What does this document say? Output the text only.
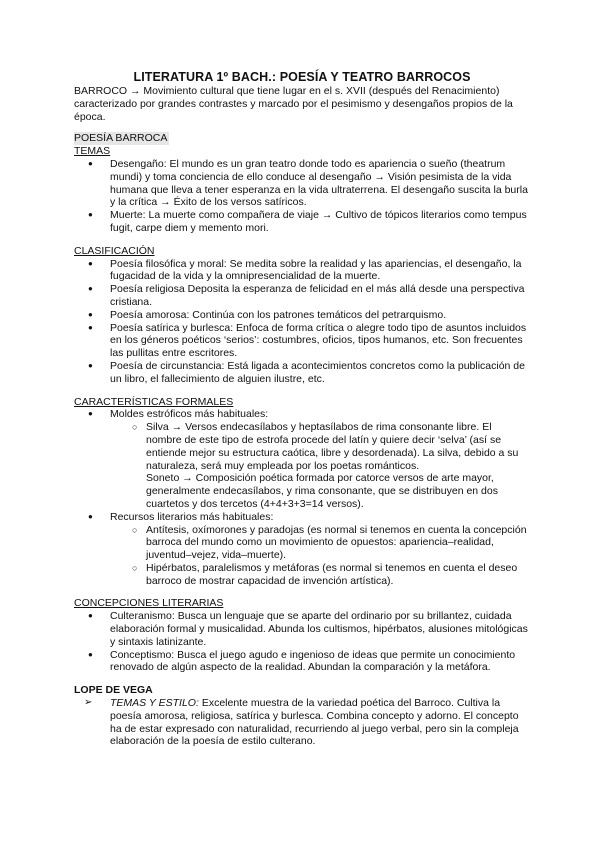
LITERATURA 1º BACH.: POESÍA Y TEATRO BARROCOS

BARROCO → Movimiento cultural que tiene lugar en el s. XVII (después del Renacimiento) caracterizado por grandes contrastes y marcado por el pesimismo y desengaños propios de la época.

POESÍA BARROCA
TEMAS
● Desengaño: El mundo es un gran teatro donde todo es apariencia o sueño (theatrum mundi) y toma conciencia de ello conduce al desengaño → Visión pesimista de la vida humana que lleva a tener esperanza en la vida ultraterrena. El desengaño suscita la burla y la crítica → Éxito de los versos satíricos.
● Muerte: La muerte como compañera de viaje → Cultivo de tópicos literarios como tempus fugit, carpe diem y memento mori.
CLASIFICACIÓN
● Poesía filosófica y moral: Se medita sobre la realidad y las apariencias, el desengaño, la fugacidad de la vida y la omnipresencialidad de la muerte.
● Poesía religiosa Deposita la esperanza de felicidad en el más allá desde una perspectiva cristiana.
● Poesía amorosa: Continúa con los patrones temáticos del petrarquismo.
● Poesía satírica y burlesca: Enfoca de forma crítica o alegre todo tipo de asuntos incluidos en los géneros poéticos ‘serios’: costumbres, oficios, tipos humanos, etc. Son frecuentes las pullitas entre escritores.
● Poesía de circunstancia: Está ligada a acontecimientos concretos como la publicación de un libro, el fallecimiento de alguien ilustre, etc.
CARACTERÍSTICAS FORMALES
● Moldes estróficos más habituales:
○ Silva → Versos endecasílabos y heptasílabos de rima consonante libre. El nombre de este tipo de estrofa procede del latín y quiere decir ‘selva’ (así se entiende mejor su estructura caótica, libre y desordenada). La silva, debido a su naturaleza, será muy empleada por los poetas románticos.
Soneto → Composición poética formada por catorce versos de arte mayor, generalmente endecasílabos, y rima consonante, que se distribuyen en dos cuartetos y dos tercetos (4+4+3+3=14 versos).
● Recursos literarios más habituales:
○ Antítesis, oxímorones y paradojas (es normal si tenemos en cuenta la concepción barroca del mundo como un movimiento de opuestos: apariencia–realidad, juventud–vejez, vida–muerte).
○ Hipérbatos, paralelismos y metáforas (es normal si tenemos en cuenta el deseo barroco de mostrar capacidad de invención artística).
CONCEPCIONES LITERARIAS
● Culteranismo: Busca un lenguaje que se aparte del ordinario por su brillantez, cuidada elaboración formal y musicalidad. Abunda los cultismos, hipérbatos, alusiones mitológicas y sintaxis latinizante.
● Conceptismo: Busca el juego agudo e ingenioso de ideas que permite un conocimiento renovado de algún aspecto de la realidad. Abundan la comparación y la metáfora.
LOPE DE VEGA
➢ TEMAS Y ESTILO: Excelente muestra de la variedad poética del Barroco. Cultiva la poesía amorosa, religiosa, satírica y burlesca. Combina concepto y adorno. El concepto ha de estar expresado con naturalidad, recurriendo al juego verbal, pero sin la compleja elaboración de la poesía de estilo culterano.
